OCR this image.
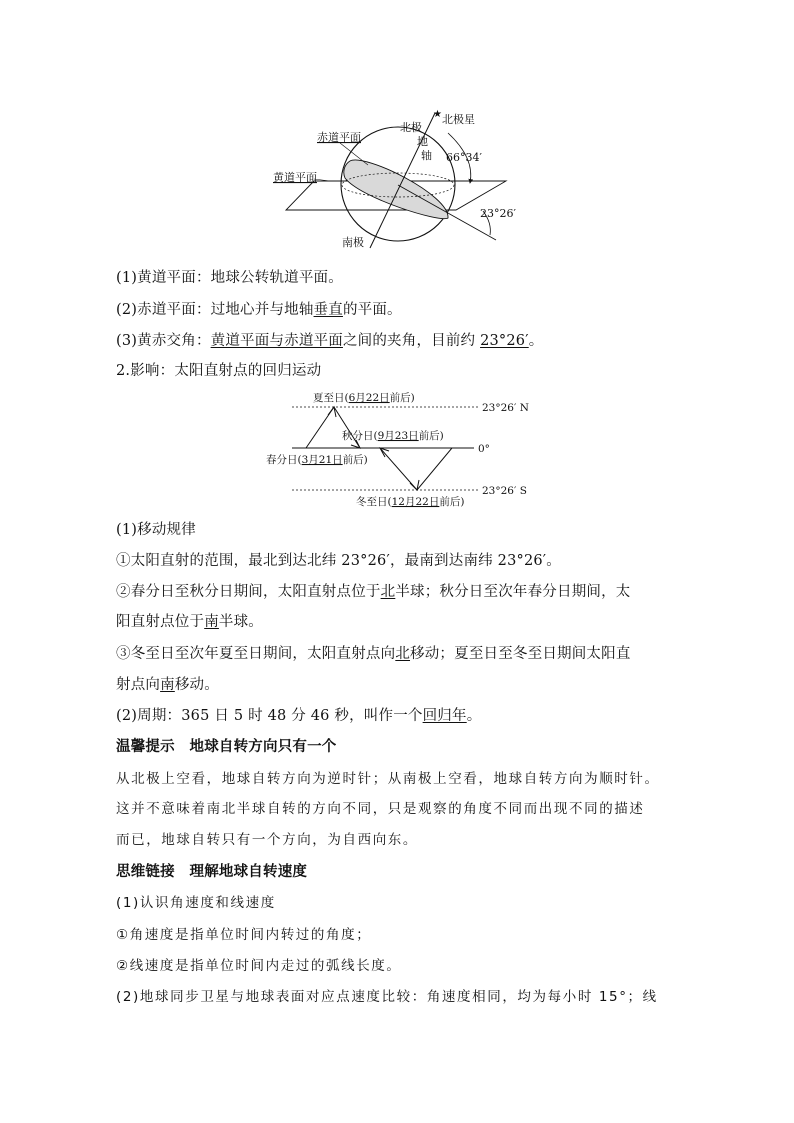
★
北极
北极星
地
轴 66°34′
赤道平面
黄道平面
23°26′
南极
(1)黄道平面：地球公转轨道平面。
(2)赤道平面：过地心并与地轴垂直的平面。
(3)黄赤交角：黄道平面与赤道平面之间的夹角，目前约 23°26′。
2.影响：太阳直射点的回归运动
夏至日(6月22日前后)
23°26′ N
秋分日(9月23日前后)
0°
春分日(3月21日前后)
23°26′ S
冬至日(12月22日前后)
(1)移动规律
①太阳直射的范围，最北到达北纬 23°26′，最南到达南纬 23°26′。
②春分日至秋分日期间，太阳直射点位于北半球；秋分日至次年春分日期间，太
阳直射点位于南半球。
③冬至日至次年夏至日期间，太阳直射点向北移动；夏至日至冬至日期间太阳直
射点向南移动。
(2)周期：365 日 5 时 48 分 46 秒，叫作一个回归年。
温馨提示　地球自转方向只有一个
从北极上空看，地球自转方向为逆时针；从南极上空看，地球自转方向为顺时针。
这并不意味着南北半球自转的方向不同，只是观察的角度不同而出现不同的描述
而已，地球自转只有一个方向，为自西向东。
思维链接　理解地球自转速度
(1)认识角速度和线速度
①角速度是指单位时间内转过的角度；
②线速度是指单位时间内走过的弧线长度。
(2)地球同步卫星与地球表面对应点速度比较：角速度相同，均为每小时 15°；线
